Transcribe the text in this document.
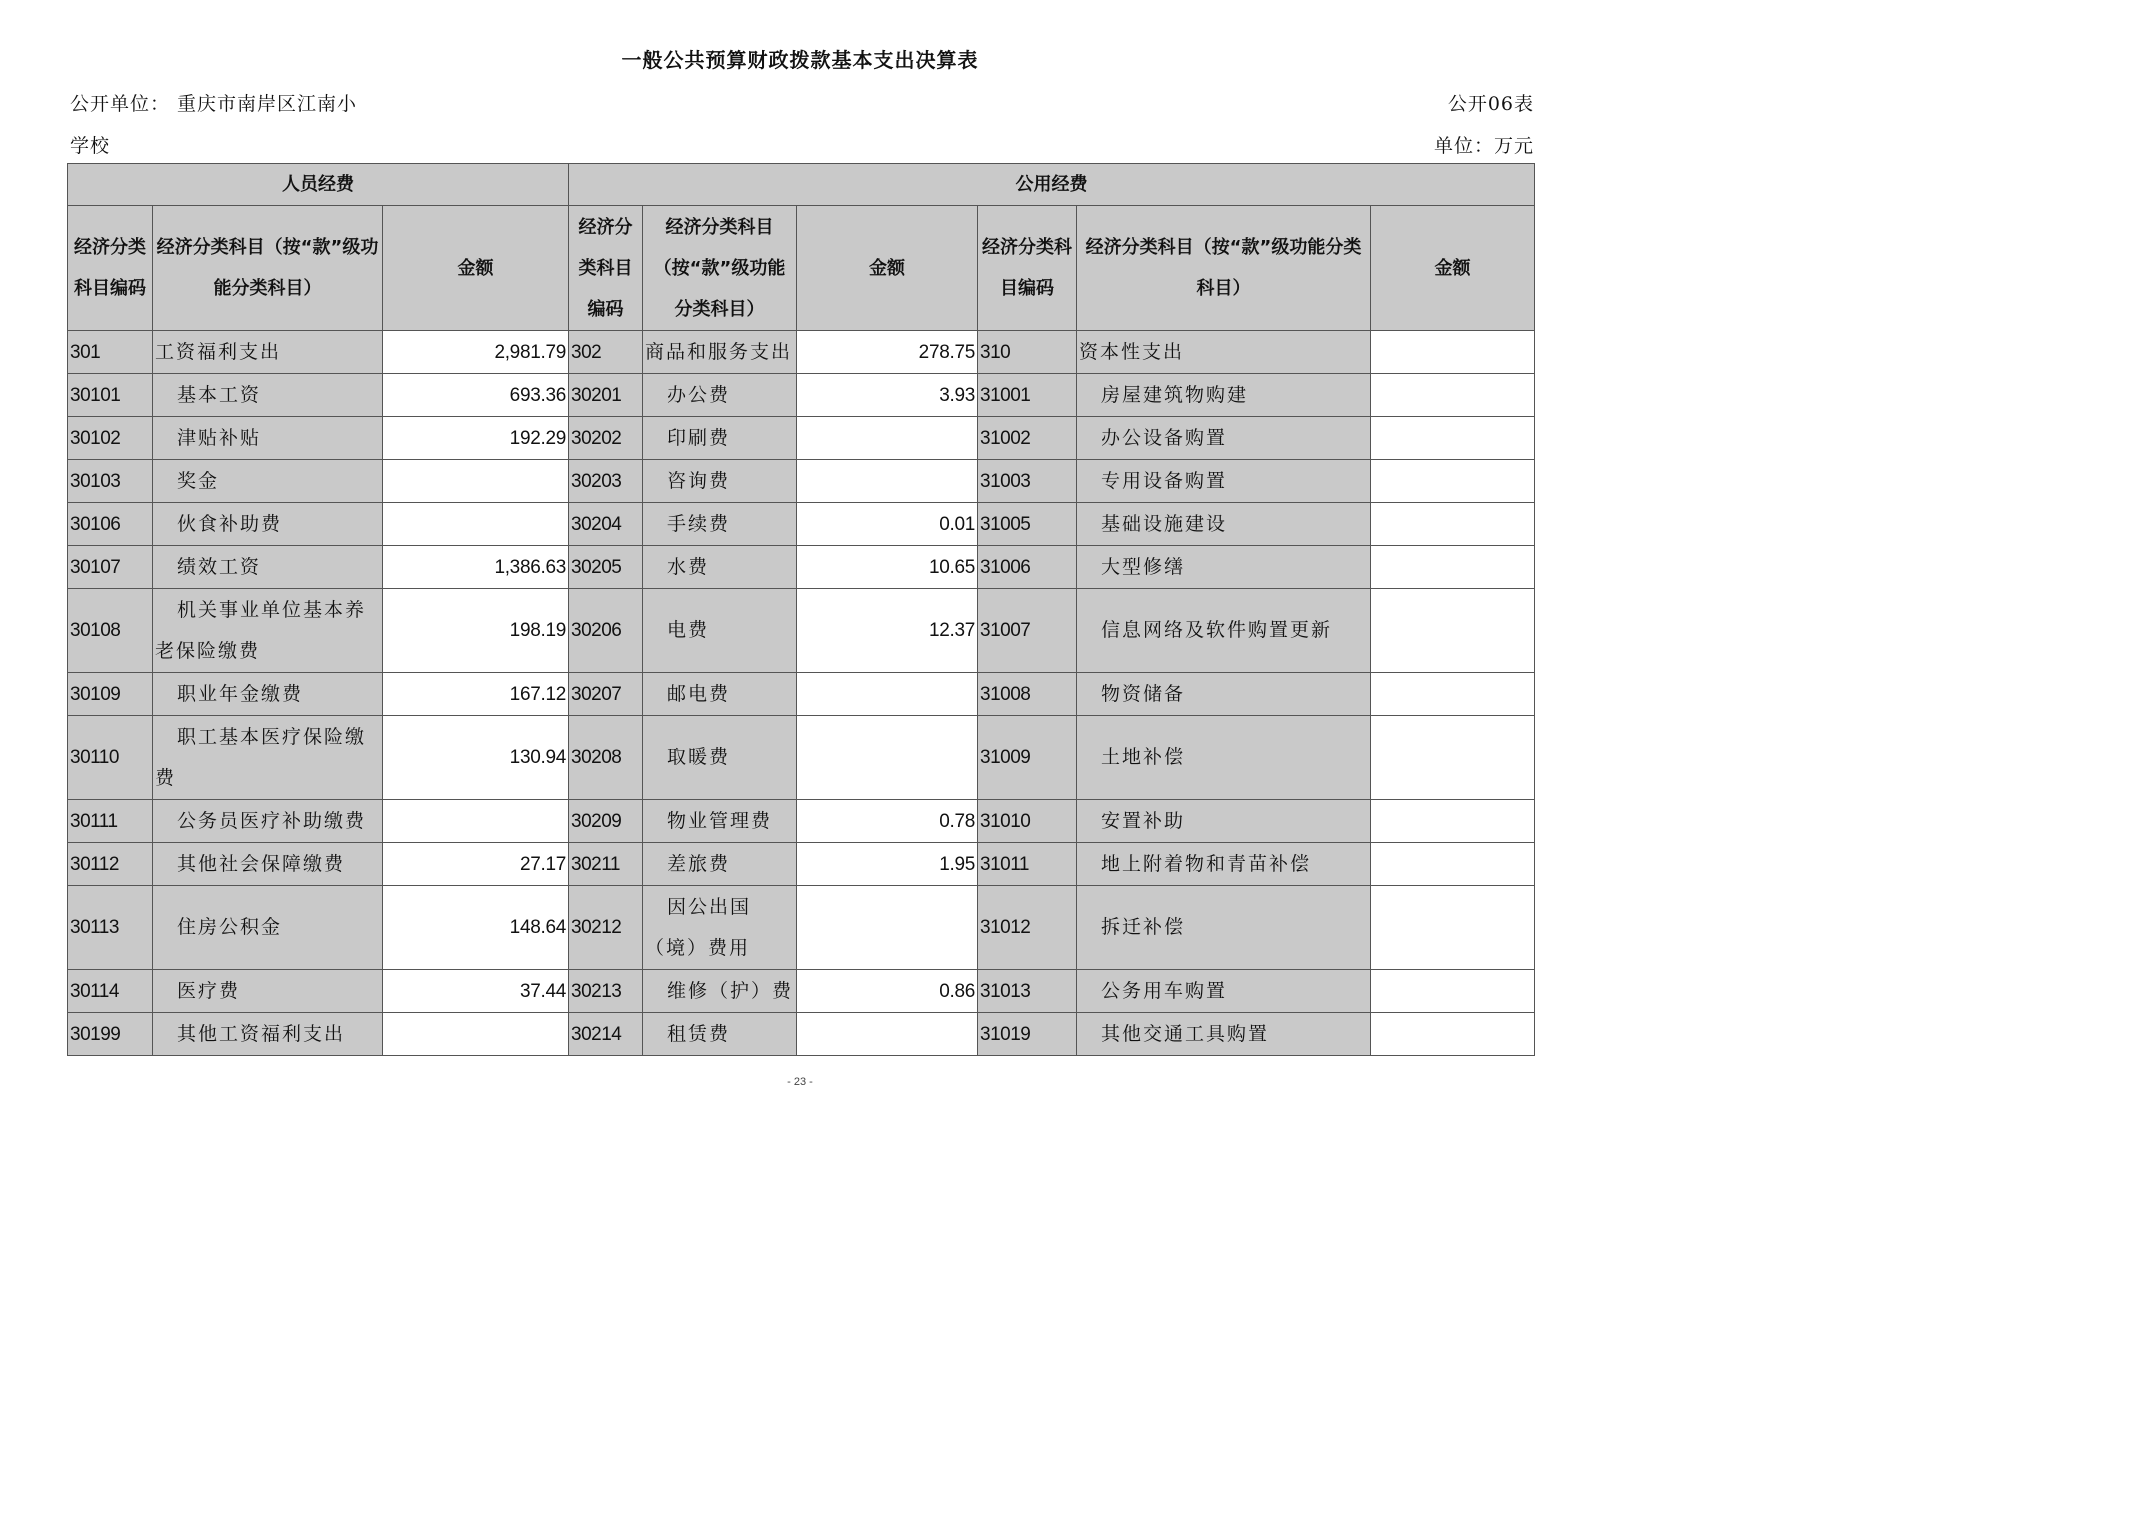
一般公共预算财政拨款基本支出决算表
公开单位： 重庆市南岸区江南小
学校
公开06表
单位：万元
人员经费			公用经费					
经济分类科目编码	经济分类科目（按“款”级功能分类科目）	金额	经济分类科目编码	经济分类科目（按“款”级功能分类科目）	金额	经济分类科目编码	经济分类科目（按“款”级功能分类科目）	金额
301	工资福利支出	2,981.79	302	商品和服务支出	278.75	310	资本性支出	
30101	基本工资	693.36	30201	办公费	3.93	31001	房屋建筑物购建	
30102	津贴补贴	192.29	30202	印刷费		31002	办公设备购置	
30103	奖金		30203	咨询费		31003	专用设备购置	
30106	伙食补助费		30204	手续费	0.01	31005	基础设施建设	
30107	绩效工资	1,386.63	30205	水费	10.65	31006	大型修缮	
30108	机关事业单位基本养老保险缴费	198.19	30206	电费	12.37	31007	信息网络及软件购置更新	
30109	职业年金缴费	167.12	30207	邮电费		31008	物资储备	
30110	职工基本医疗保险缴费	130.94	30208	取暖费		31009	土地补偿	
30111	公务员医疗补助缴费		30209	物业管理费	0.78	31010	安置补助	
30112	其他社会保障缴费	27.17	30211	差旅费	1.95	31011	地上附着物和青苗补偿	
30113	住房公积金	148.64	30212	因公出国（境）费用		31012	拆迁补偿	
30114	医疗费	37.44	30213	维修（护）费	0.86	31013	公务用车购置	
30199	其他工资福利支出		30214	租赁费		31019	其他交通工具购置	
- 23 -
